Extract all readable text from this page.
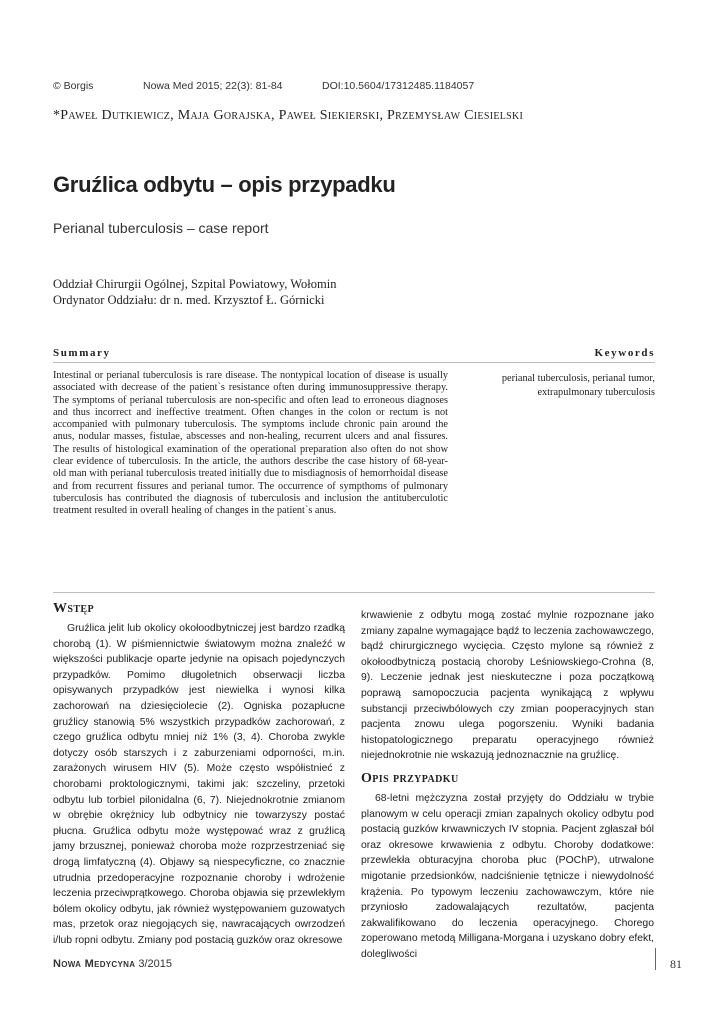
© Borgis	Nowa Med 2015; 22(3): 81-84	DOI:10.5604/17312485.1184057
*Paweł Dutkiewicz, Maja Gorajska, Paweł Siekierski, Przemysław Ciesielski
Gruźlica odbytu – opis przypadku
Perianal tuberculosis – case report
Oddział Chirurgii Ogólnej, Szpital Powiatowy, Wołomin
Ordynator Oddziału: dr n. med. Krzysztof Ł. Górnicki
Summary	Keywords
Intestinal or perianal tuberculosis is rare disease. The nontypical location of disease is usually associated with decrease of the patient`s resistance often during immunosuppressive therapy. The symptoms of perianal tuberculosis are non-specific and often lead to erroneous diagnoses and thus incorrect and ineffective treatment. Often changes in the colon or rectum is not accompanied with pulmonary tuberculosis. The symptoms include chronic pain around the anus, nodular masses, fistulae, abscesses and non-healing, recurrent ulcers and anal fissures. The results of histological examination of the operational preparation also often do not show clear evidence of tuberculosis. In the article, the authors describe the case history of 68-year-old man with perianal tuberculosis treated initially due to misdiagnosis of hemorrhoidal disease and from recurrent fissures and perianal tumor. The occurrence of sympthoms of pulmonary tuberculosis has contributed the diagnosis of tuberculosis and inclusion the antituberculotic treatment resulted in overall healing of changes in the patient`s anus.
perianal tuberculosis, perianal tumor,
extrapulmonary tuberculosis
Wstęp

Gruźlica jelit lub okolicy okołoodbytniczej jest bardzo rzadką chorobą (1). W piśmiennictwie światowym można znaleźć w większości publikacje oparte jedynie na opisach pojedynczych przypadków. Pomimo długoletnich obserwacji liczba opisywanych przypadków jest niewielka i wynosi kilka zachorowań na dziesięciolecie (2). Ogniska pozapłucne gruźlicy stanowią 5% wszystkich przypadków zachorowań, z czego gruźlica odbytu mniej niż 1% (3, 4). Choroba zwykle dotyczy osób starszych i z zaburzeniami odporności, m.in. zarażonych wirusem HIV (5). Może często współistnieć z chorobami proktologicznymi, takimi jak: szczeliny, przetoki odbytu lub torbiel pilonidalna (6, 7). Niejednokrotnie zmianom w obrębie okrężnicy lub odbytnicy nie towarzyszy postać płucna. Gruźlica odbytu może występować wraz z gruźlicą jamy brzusznej, ponieważ choroba może rozprzestrzeniać się drogą limfatyczną (4). Objawy są niespecyficzne, co znacznie utrudnia przedoperacyjne rozpoznanie choroby i wdrożenie leczenia przeciwprątkowego. Choroba objawia się przewlekłym bólem okolicy odbytu, jak również występowaniem guzowatych mas, przetok oraz niegojących się, nawracających owrzodzeń i/lub ropni odbytu. Zmiany pod postacią guzków oraz okresowe

krwawienie z odbytu mogą zostać mylnie rozpoznane jako zmiany zapalne wymagające bądź to leczenia zachowawczego, bądź chirurgicznego wycięcia. Często mylone są również z okołoodbytniczą postacią choroby Leśniowskiego-Crohna (8, 9). Leczenie jednak jest nieskuteczne i poza początkową poprawą samopoczucia pacjenta wynikającą z wpływu substancji przeciwbólowych czy zmian pooperacyjnych stan pacjenta znowu ulega pogorszeniu. Wyniki badania histopatologicznego preparatu operacyjnego również niejednokrotnie nie wskazują jednoznacznie na gruźlicę.

Opis przypadku

68-letni mężczyzna został przyjęty do Oddziału w trybie planowym w celu operacji zmian zapalnych okolicy odbytu pod postacią guzków krwawniczych IV stopnia. Pacjent zgłaszał ból oraz okresowe krwawienia z odbytu. Choroby dodatkowe: przewlekła obturacyjna choroba płuc (POChP), utrwalone migotanie przedsionków, nadciśnienie tętnicze i niewydolność krążenia. Po typowym leczeniu zachowawczym, które nie przyniosło zadowalających rezultatów, pacjenta zakwalifikowano do leczenia operacyjnego. Chorego zoperowano metodą Milligana-Morgana i uzyskano dobry efekt, dolegliwości

Nowa Medycyna 3/2015	81
